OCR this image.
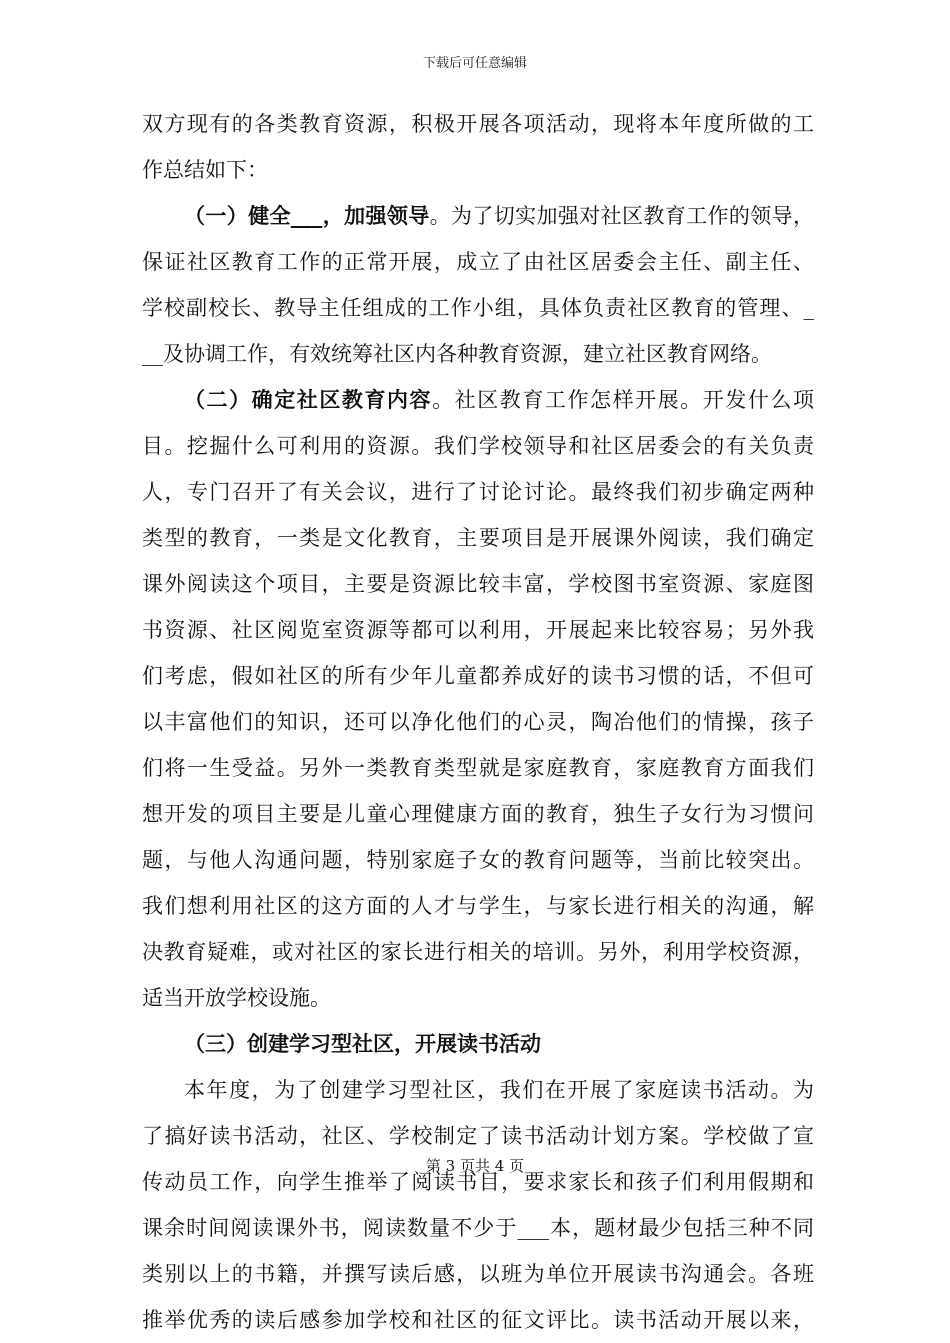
下载后可任意编辑
双方现有的各类教育资源，积极开展各项活动，现将本年度所做的工
作总结如下：
（一）健全___，加强领导。为了切实加强对社区教育工作的领导，
保证社区教育工作的正常开展，成立了由社区居委会主任、副主任、
学校副校长、教导主任组成的工作小组，具体负责社区教育的管理、_
__及协调工作，有效统筹社区内各种教育资源，建立社区教育网络。
（二）确定社区教育内容。社区教育工作怎样开展。开发什么项
目。挖掘什么可利用的资源。我们学校领导和社区居委会的有关负责
人，专门召开了有关会议，进行了讨论讨论。最终我们初步确定两种
类型的教育，一类是文化教育，主要项目是开展课外阅读，我们确定
课外阅读这个项目，主要是资源比较丰富，学校图书室资源、家庭图
书资源、社区阅览室资源等都可以利用，开展起来比较容易；另外我
们考虑，假如社区的所有少年儿童都养成好的读书习惯的话，不但可
以丰富他们的知识，还可以净化他们的心灵，陶冶他们的情操，孩子
们将一生受益。另外一类教育类型就是家庭教育，家庭教育方面我们
想开发的项目主要是儿童心理健康方面的教育，独生子女行为习惯问
题，与他人沟通问题，特别家庭子女的教育问题等，当前比较突出。
我们想利用社区的这方面的人才与学生，与家长进行相关的沟通，解
决教育疑难，或对社区的家长进行相关的培训。另外，利用学校资源，
适当开放学校设施。
（三）创建学习型社区，开展读书活动
本年度，为了创建学习型社区，我们在开展了家庭读书活动。为
了搞好读书活动，社区、学校制定了读书活动计划方案。学校做了宣
传动员工作，向学生推举了阅读书目，要求家长和孩子们利用假期和
课余时间阅读课外书，阅读数量不少于___本，题材最少包括三种不同
类别以上的书籍，并撰写读后感，以班为单位开展读书沟通会。各班
推举优秀的读后感参加学校和社区的征文评比。读书活动开展以来，
第 3 页共 4 页
